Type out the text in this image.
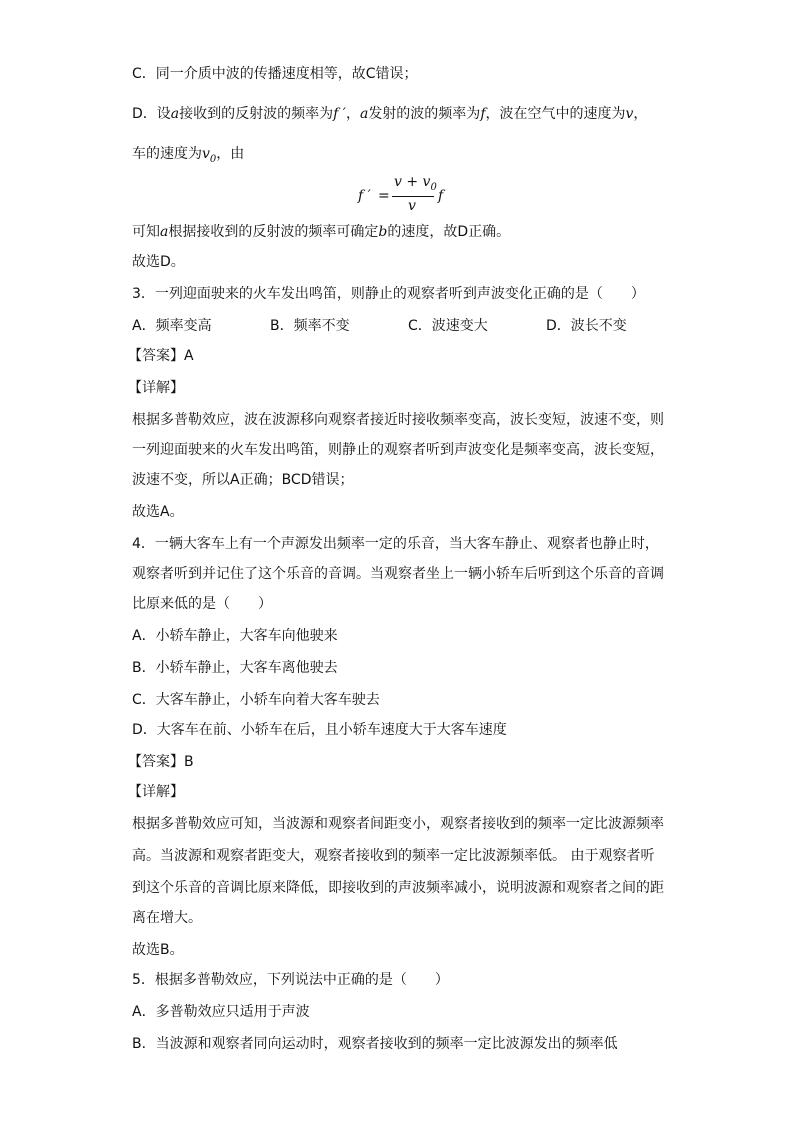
C．同一介质中波的传播速度相等，故C错误；
D．设a接收到的反射波的频率为f ′，a发射的波的频率为f，波在空气中的速度为v，
车的速度为$v_0$，由
f ′ =
$v + v_0$
v
f
可知a根据接收到的反射波的频率可确定b的速度，故D正确。
故选D。
3．一列迎面驶来的火车发出鸣笛，则静止的观察者听到声波变化正确的是（　　）
A．频率变高	B．频率不变	C．波速变大	D．波长不变
【答案】A
【详解】
根据多普勒效应，波在波源移向观察者接近时接收频率变高，波长变短，波速不变，则
一列迎面驶来的火车发出鸣笛，则静止的观察者听到声波变化是频率变高，波长变短，
波速不变，所以A正确；BCD错误；
故选A。
4．一辆大客车上有一个声源发出频率一定的乐音，当大客车静止、观察者也静止时，
观察者听到并记住了这个乐音的音调。当观察者坐上一辆小轿车后听到这个乐音的音调
比原来低的是（　　）
A．小轿车静止，大客车向他驶来
B．小轿车静止，大客车离他驶去
C．大客车静止，小轿车向着大客车驶去
D．大客车在前、小轿车在后，且小轿车速度大于大客车速度
【答案】B
【详解】
根据多普勒效应可知，当波源和观察者间距变小，观察者接收到的频率一定比波源频率
高。当波源和观察者距变大，观察者接收到的频率一定比波源频率低。 由于观察者听
到这个乐音的音调比原来降低，即接收到的声波频率减小，说明波源和观察者之间的距
离在增大。
故选B。
5．根据多普勒效应，下列说法中正确的是（　　）
A．多普勒效应只适用于声波
B．当波源和观察者同向运动时，观察者接收到的频率一定比波源发出的频率低
